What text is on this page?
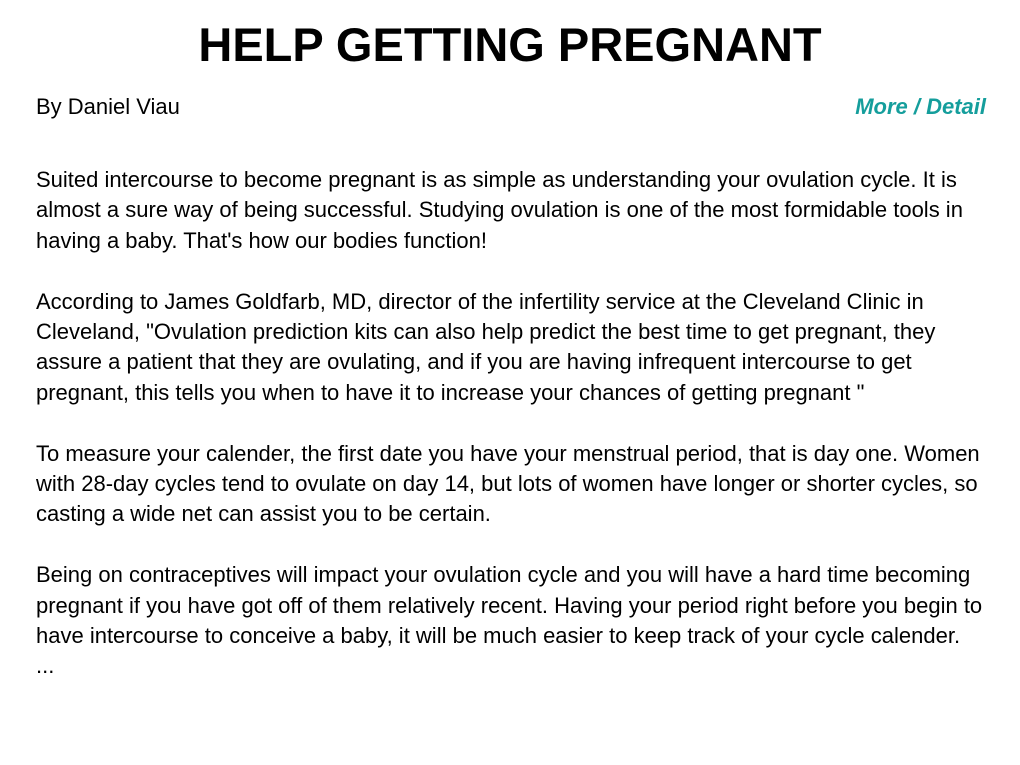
HELP GETTING PREGNANT
By Daniel Viau	More / Detail

Suited intercourse to become pregnant is as simple as understanding your ovulation cycle. It is almost a sure way of being successful. Studying ovulation is one of the most formidable tools in having a baby. That's how our bodies function!

According to James Goldfarb, MD, director of the infertility service at the Cleveland Clinic in Cleveland, "Ovulation prediction kits can also help predict the best time to get pregnant, they assure a patient that they are ovulating, and if you are having infrequent intercourse to get pregnant, this tells you when to have it to increase your chances of getting pregnant "

To measure your calender, the first date you have your menstrual period, that is day one. Women with 28-day cycles tend to ovulate on day 14, but lots of women have longer or shorter cycles, so casting a wide net can assist you to be certain.

Being on contraceptives will impact your ovulation cycle and you will have a hard time becoming pregnant if you have got off of them relatively recent. Having your period right before you begin to have intercourse to conceive a baby, it will be much easier to keep track of your cycle calender.

...
